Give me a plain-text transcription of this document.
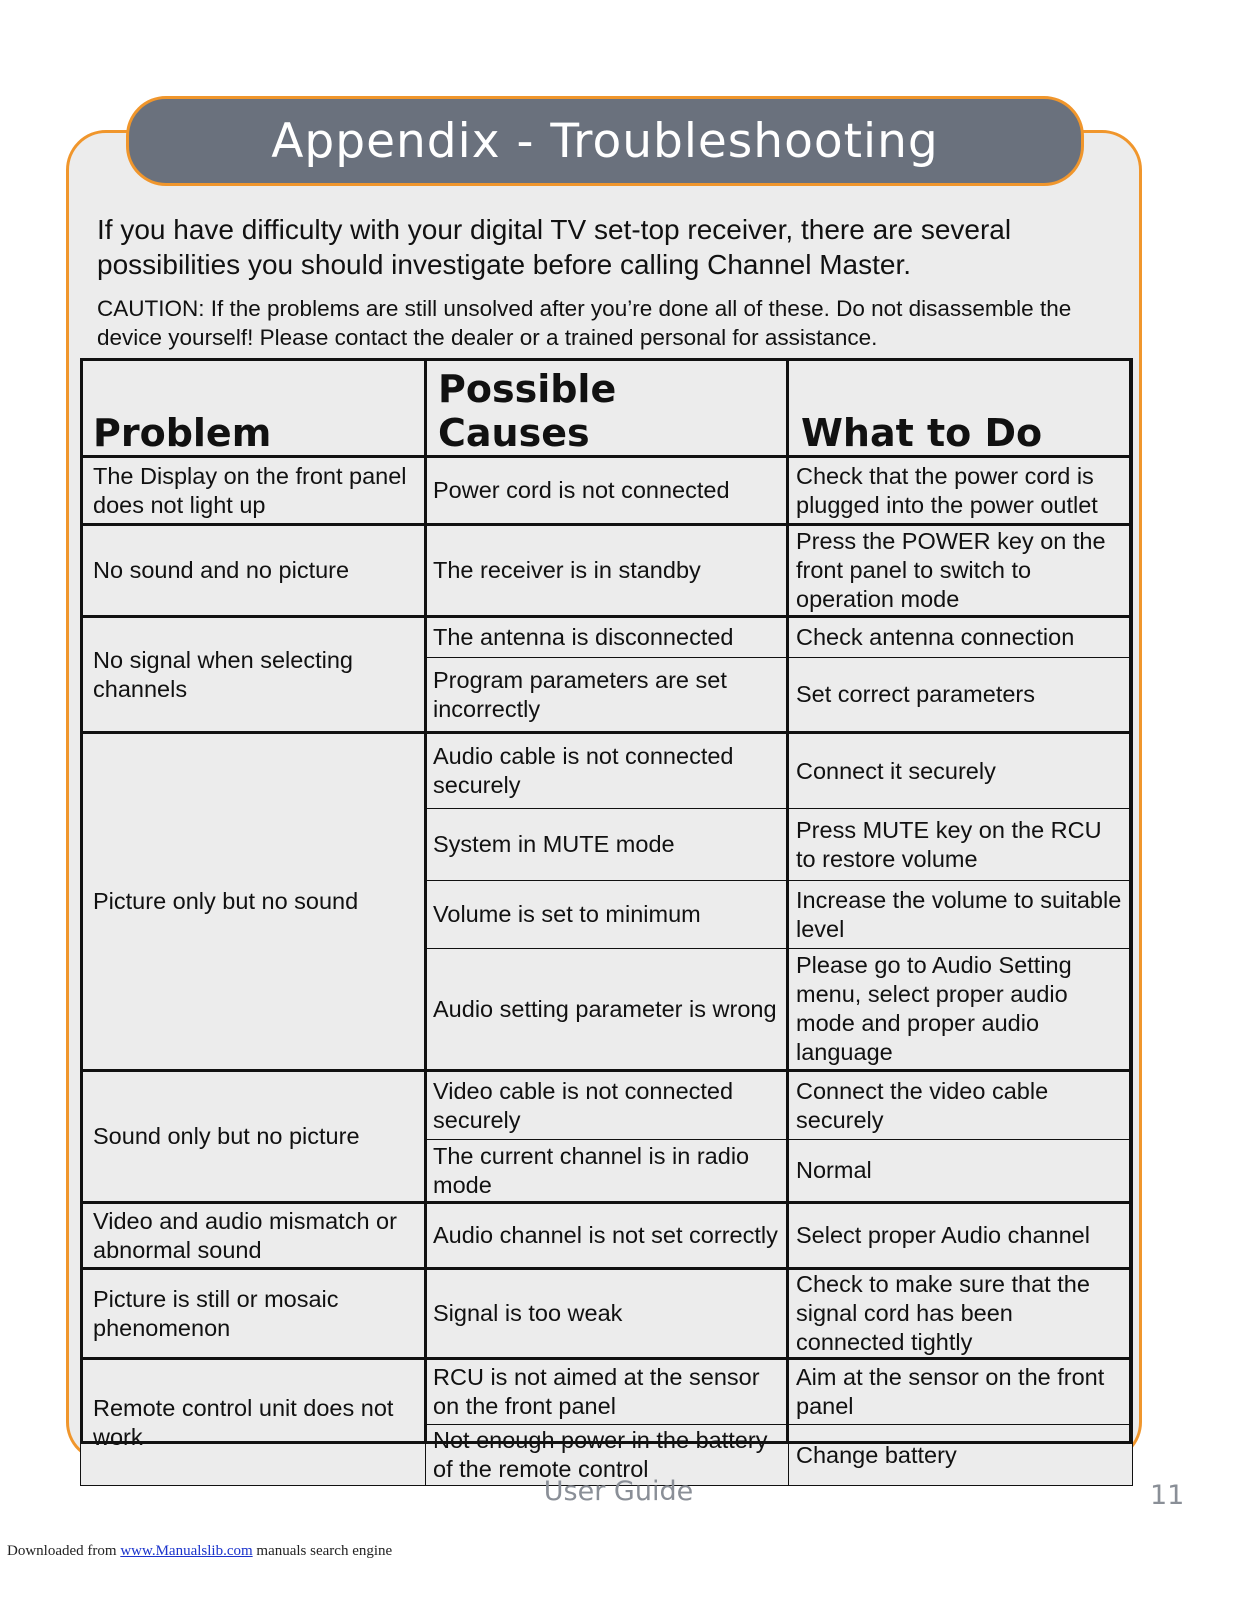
Appendix - Troubleshooting
If you have difficulty with your digital TV set-top receiver, there are several possibilities you should investigate before calling Channel Master.
CAUTION: If the problems are still unsolved after you’re done all of these. Do not disassemble the device yourself! Please contact the dealer or a trained personal for assistance.
Problem	Possible Causes	What to Do
The Display on the front panel does not light up	Power cord is not connected	Check that the power cord is plugged into the power outlet
No sound and no picture	The receiver is in standby	Press the POWER key on the front panel to switch to operation mode
No signal when selecting channels	The antenna is disconnected	Check antenna connection
	Program parameters are set incorrectly	Set correct parameters
Picture only but no sound	Audio cable is not connected securely	Connect it securely
	System in MUTE mode	Press MUTE key on the RCU to restore volume
	Volume is set to minimum	Increase the volume to suitable level
	Audio setting parameter is wrong	Please go to Audio Setting menu, select proper audio mode and proper audio language
Sound only but no picture	Video cable is not connected securely	Connect the video cable securely
	The current channel is in radio mode	Normal
Video and audio mismatch or abnormal sound	Audio channel is not set correctly	Select proper Audio channel
Picture is still or mosaic phenomenon	Signal is too weak	Check to make sure that the signal cord has been connected tightly
Remote control unit does not work	RCU is not aimed at the sensor on the front panel	Aim at the sensor on the front panel
	Not enough power in the battery of the remote control	Change battery
User Guide	11
Downloaded from www.Manualslib.com manuals search engine
